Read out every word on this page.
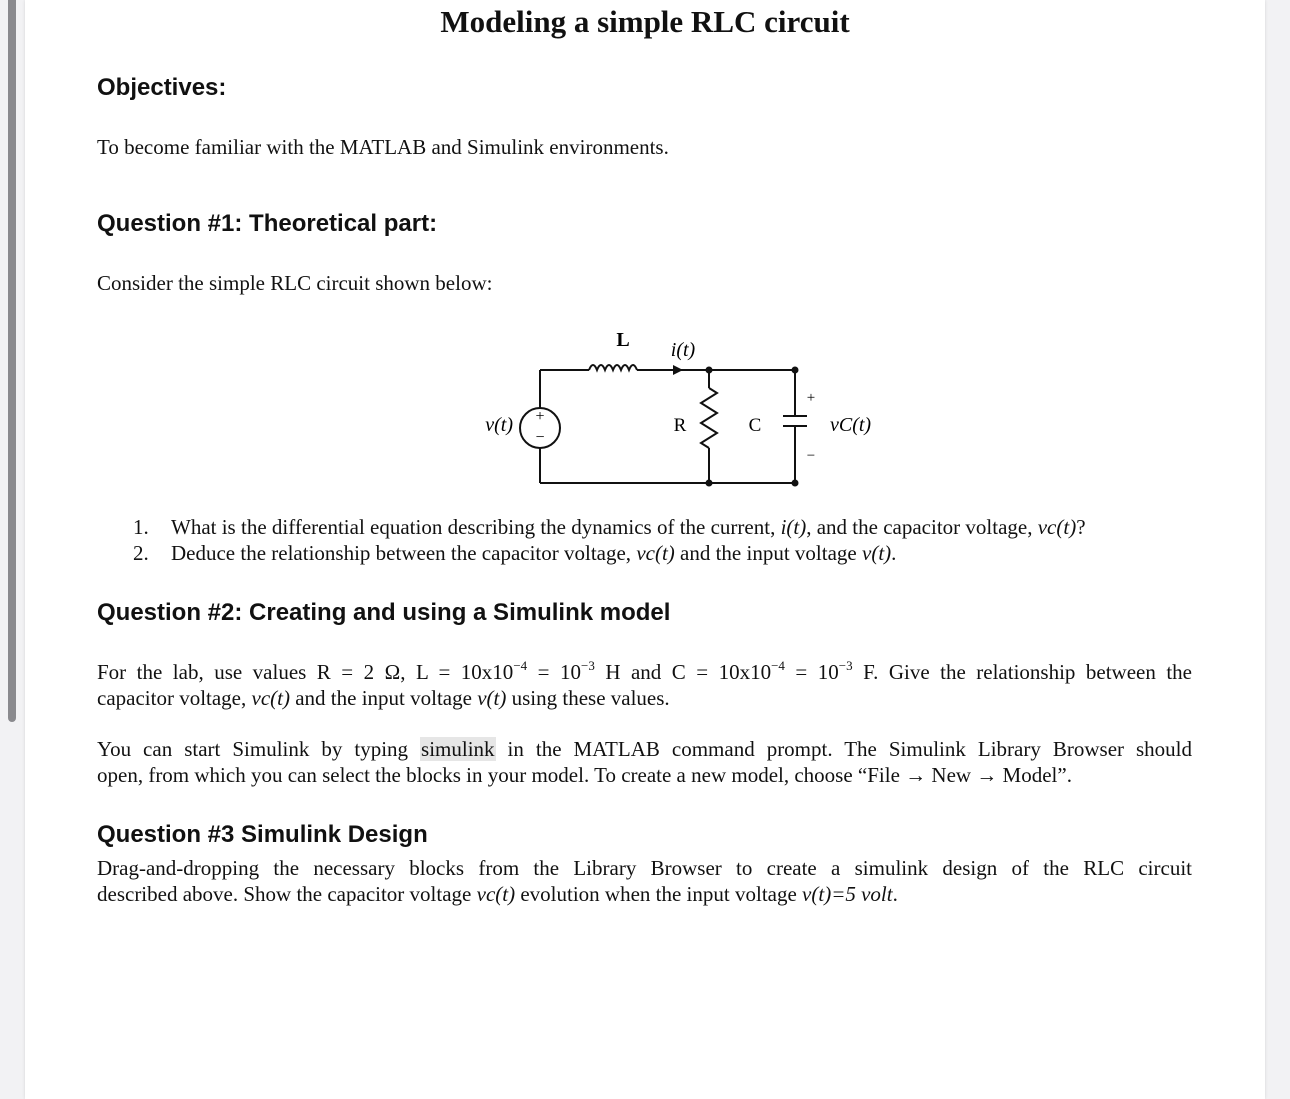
Modeling a simple RLC circuit
Objectives:
To become familiar with the MATLAB and Simulink environments.
Question #1: Theoretical part:
Consider the simple RLC circuit shown below:
L i(t)
v(t) +
−
R	C
+
−
vC(t)
1. What is the differential equation describing the dynamics of the current, i(t), and the capacitor voltage, vc(t)?
2. Deduce the relationship between the capacitor voltage, vc(t) and the input voltage v(t).
Question #2: Creating and using a Simulink model
For the lab, use values R = 2 Ω, $L = 10x10^{-4} = 10^{-3}$ H and $C = 10x10^{-4} = 10^{-3}$ F. Give the relationship between the
capacitor voltage, vc(t) and the input voltage v(t) using these values.
You can start Simulink by typing simulink in the MATLAB command prompt. The Simulink Library Browser should
open, from which you can select the blocks in your model. To create a new model, choose “File → New → Model”.
Question #3 Simulink Design
Drag-and-dropping the necessary blocks from the Library Browser to create a simulink design of the RLC circuit
described above. Show the capacitor voltage vc(t) evolution when the input voltage v(t)=5 volt.
